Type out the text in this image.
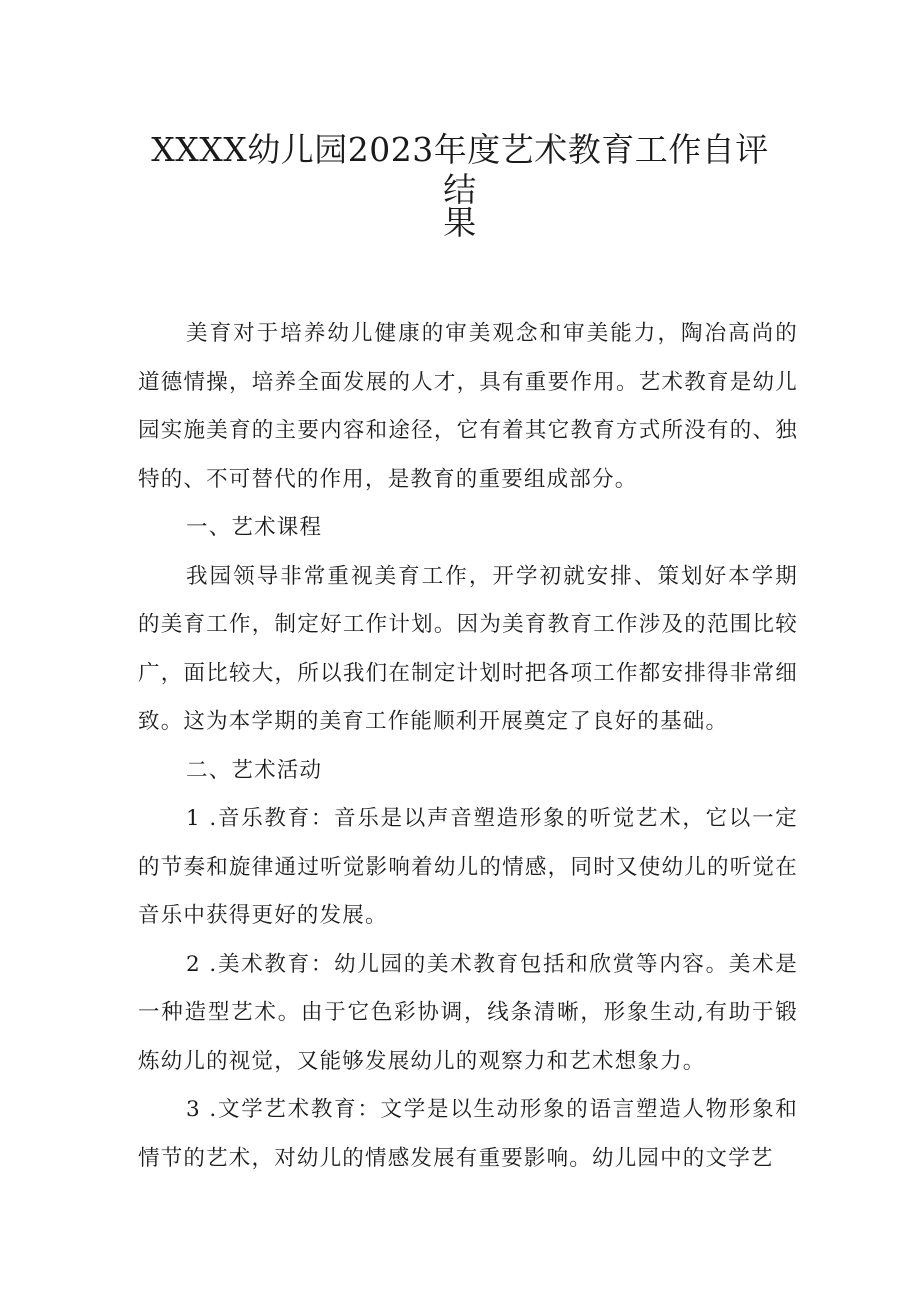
XXXX幼儿园2023年度艺术教育工作自评结
果

美育对于培养幼儿健康的审美观念和审美能力，陶冶高尚的道德情操，培养全面发展的人才，具有重要作用。艺术教育是幼儿园实施美育的主要内容和途径，它有着其它教育方式所没有的、独特的、不可替代的作用，是教育的重要组成部分。

一、艺术课程

我园领导非常重视美育工作，开学初就安排、策划好本学期的美育工作，制定好工作计划。因为美育教育工作涉及的范围比较广，面比较大，所以我们在制定计划时把各项工作都安排得非常细致。这为本学期的美育工作能顺利开展奠定了良好的基础。

二、艺术活动

1 .音乐教育：音乐是以声音塑造形象的听觉艺术，它以一定的节奏和旋律通过听觉影响着幼儿的情感，同时又使幼儿的听觉在音乐中获得更好的发展。

2 .美术教育：幼儿园的美术教育包括和欣赏等内容。美术是一种造型艺术。由于它色彩协调，线条清晰，形象生动,有助于锻炼幼儿的视觉，又能够发展幼儿的观察力和艺术想象力。

3 .文学艺术教育：文学是以生动形象的语言塑造人物形象和情节的艺术，对幼儿的情感发展有重要影响。幼儿园中的文学艺
